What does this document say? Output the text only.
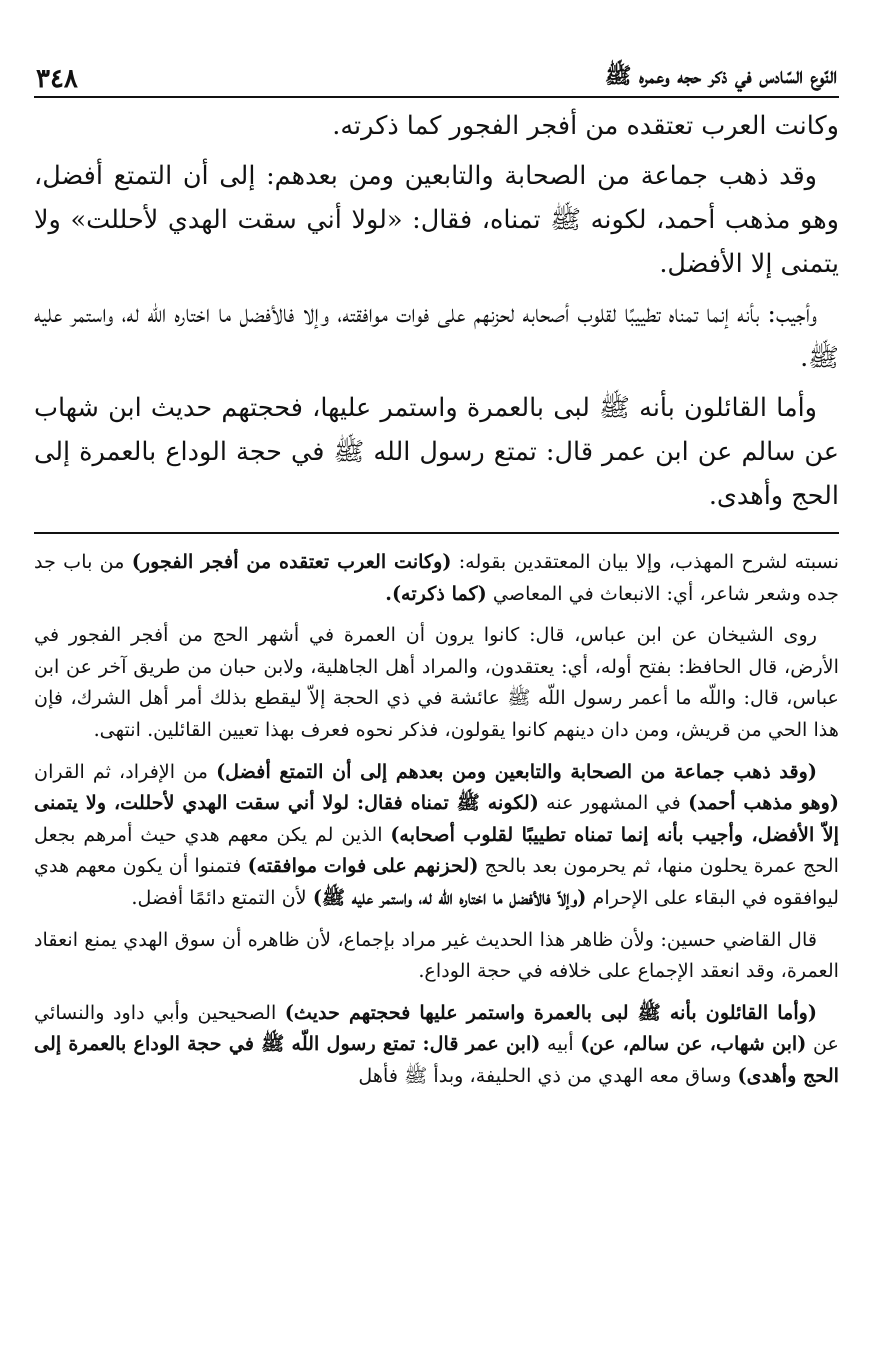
النّوع السّادس في ذكر حجه وعمره ﷺ
٣٤٨

وكانت العرب تعتقده من أفجر الفجور كما ذكرته.

وقد ذهب جماعة من الصحابة والتابعين ومن بعدهم: إلى أن التمتع أفضل، وهو مذهب أحمد، لكونه ﷺ تمناه، فقال: «لولا أني سقت الهدي لأحللت» ولا يتمنى إلا الأفضل.

وأجيب: بأنه إنما تمناه تطييبًا لقلوب أصحابه لحزنهم على فوات موافقته، وإلا فالأفضل ما اختاره الله له، واستمر عليه ﷺ.

وأما القائلون بأنه ﷺ لبى بالعمرة واستمر عليها، فحجتهم حديث ابن شهاب عن سالم عن ابن عمر قال: تمتع رسول الله ﷺ في حجة الوداع بالعمرة إلى الحج وأهدى.

نسبته لشرح المهذب، وإلا بيان المعتقدين بقوله: (وكانت العرب تعتقده من أفجر الفجور) من باب جد جده وشعر شاعر، أي: الانبعاث في المعاصي (كما ذكرته).

روى الشيخان عن ابن عباس، قال: كانوا يرون أن العمرة في أشهر الحج من أفجر الفجور في الأرض، قال الحافظ: بفتح أوله، أي: يعتقدون، والمراد أهل الجاهلية، ولابن حبان من طريق آخر عن ابن عباس، قال: واللّه ما أعمر رسول اللّه ﷺ عائشة في ذي الحجة إلاّ ليقطع بذلك أمر أهل الشرك، فإن هذا الحي من قريش، ومن دان دينهم كانوا يقولون، فذكر نحوه فعرف بهذا تعيين القائلين. انتهى.

(وقد ذهب جماعة من الصحابة والتابعين ومن بعدهم إلى أن التمتع أفضل) من الإفراد، ثم القران (وهو مذهب أحمد) في المشهور عنه (لكونه ﷺ تمناه فقال: لولا أني سقت الهدي لأحللت، ولا يتمنى إلاّ الأفضل، وأجيب بأنه إنما تمناه تطييبًا لقلوب أصحابه) الذين لم يكن معهم هدي حيث أمرهم بجعل الحج عمرة يحلون منها، ثم يحرمون بعد بالحج (لحزنهم على فوات موافقته) فتمنوا أن يكون معهم هدي ليوافقوه في البقاء على الإحرام (وإلاّ فالأفضل ما اختاره اللّه له، واستمر عليه ﷺ) لأن التمتع دائمًا أفضل.

قال القاضي حسين: ولأن ظاهر هذا الحديث غير مراد بإجماع، لأن ظاهره أن سوق الهدي يمنع انعقاد العمرة، وقد انعقد الإجماع على خلافه في حجة الوداع.

(وأما القائلون بأنه ﷺ لبى بالعمرة واستمر عليها فحجتهم حديث) الصحيحين وأبي داود والنسائي عن (ابن شهاب، عن سالم، عن) أبيه (ابن عمر قال: تمتع رسول اللّه ﷺ في حجة الوداع بالعمرة إلى الحج وأهدى) وساق معه الهدي من ذي الحليفة، وبدأ ﷺ فأهل
